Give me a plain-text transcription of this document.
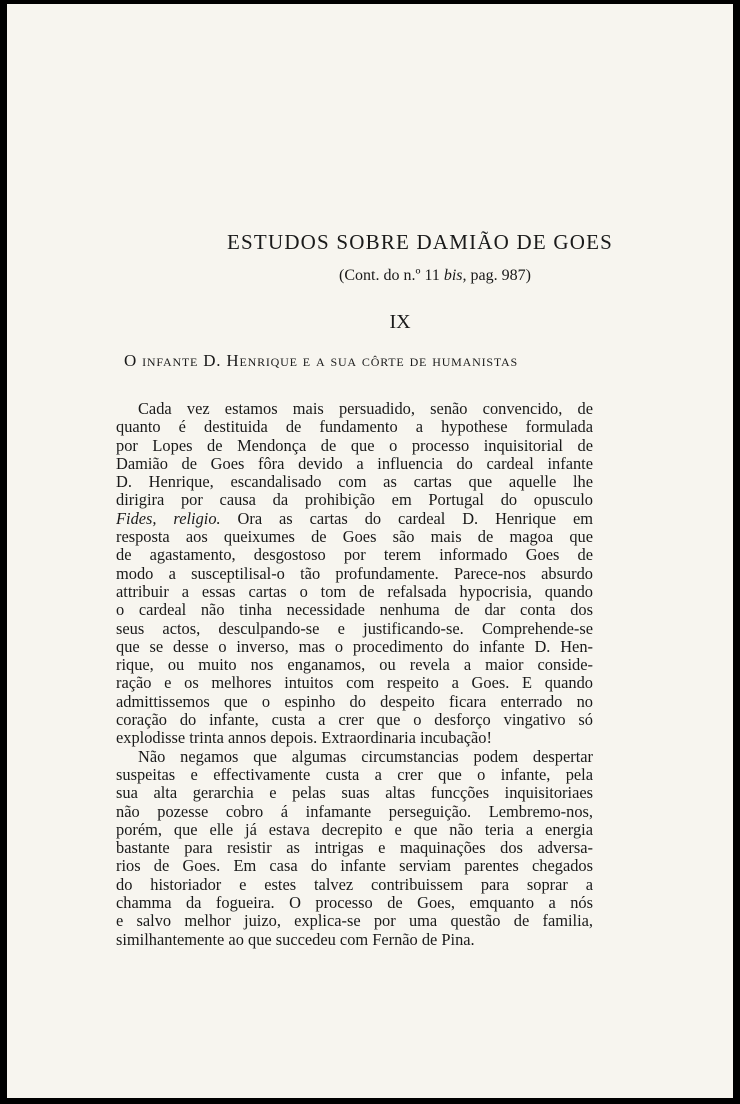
ESTUDOS SOBRE DAMIÃO DE GOES
(Cont. do n.º 11 bis, pag. 987)
IX
O infante D. Henrique e a sua côrte de humanistas
Cada vez estamos mais persuadido, senão convencido, de
quanto é destituida de fundamento a hypothese formulada
por Lopes de Mendonça de que o processo inquisitorial de
Damião de Goes fôra devido a influencia do cardeal infante
D. Henrique, escandalisado com as cartas que aquelle lhe
dirigira por causa da prohibição em Portugal do opusculo
Fides, religio. Ora as cartas do cardeal D. Henrique em
resposta aos queixumes de Goes são mais de magoa que
de agastamento, desgostoso por terem informado Goes de
modo a susceptilisal-o tão profundamente. Parece-nos absurdo
attribuir a essas cartas o tom de refalsada hypocrisia, quando
o cardeal não tinha necessidade nenhuma de dar conta dos
seus actos, desculpando-se e justificando-se. Comprehende-se
que se desse o inverso, mas o procedimento do infante D. Hen-
rique, ou muito nos enganamos, ou revela a maior conside-
ração e os melhores intuitos com respeito a Goes. E quando
admittissemos que o espinho do despeito ficara enterrado no
coração do infante, custa a crer que o desforço vingativo só
explodisse trinta annos depois. Extraordinaria incubação!
Não negamos que algumas circumstancias podem despertar
suspeitas e effectivamente custa a crer que o infante, pela
sua alta gerarchia e pelas suas altas funcções inquisitoriaes
não pozesse cobro á infamante perseguição. Lembremo-nos,
porém, que elle já estava decrepito e que não teria a energia
bastante para resistir as intrigas e maquinações dos adversa-
rios de Goes. Em casa do infante serviam parentes chegados
do historiador e estes talvez contribuissem para soprar a
chamma da fogueira. O processo de Goes, emquanto a nós
e salvo melhor juizo, explica-se por uma questão de familia,
similhantemente ao que succedeu com Fernão de Pina.
